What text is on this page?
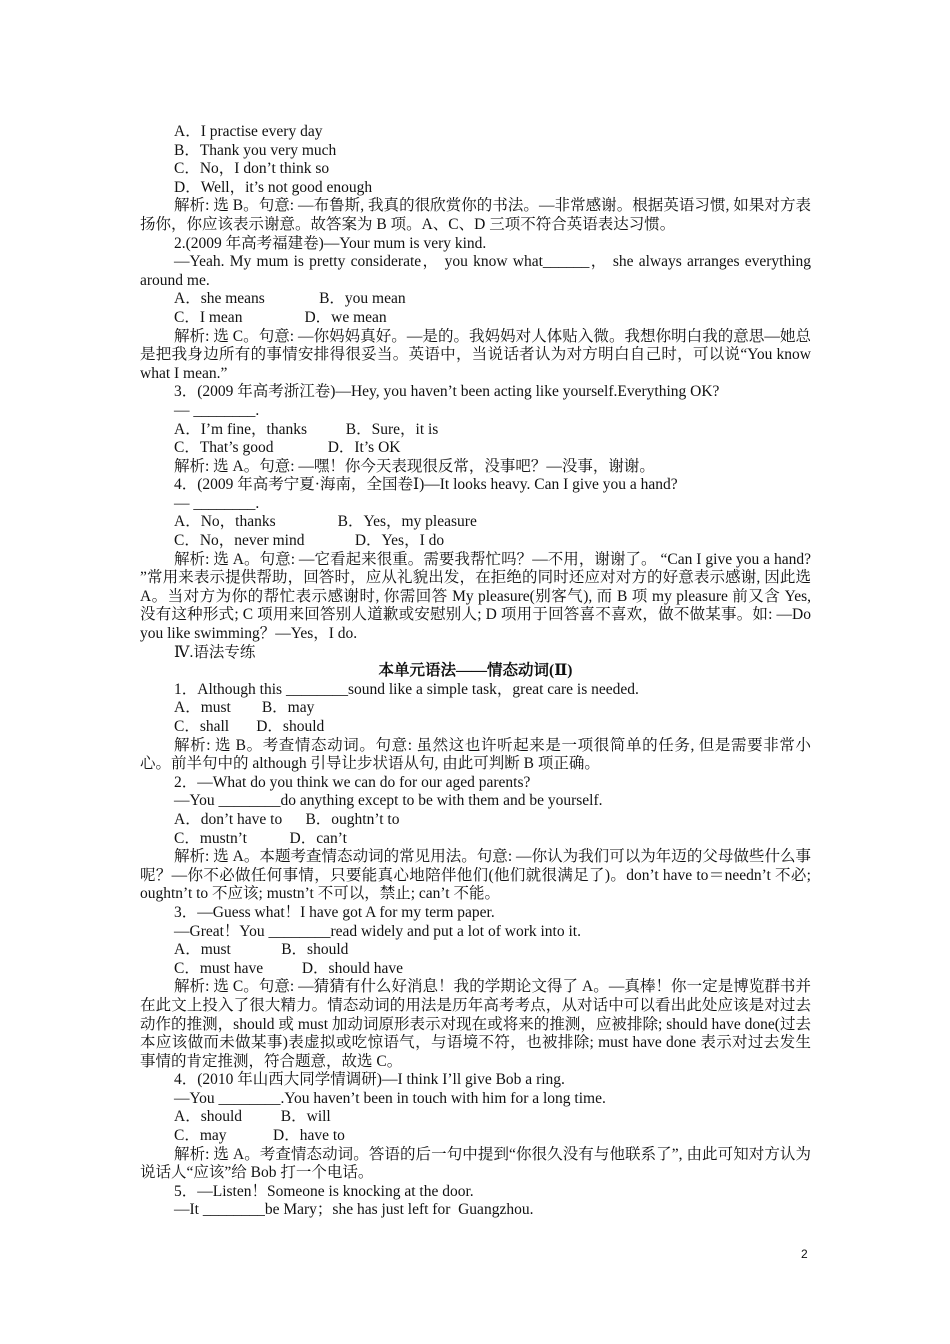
A．I practise every day
B．Thank you very much
C．No，I don’t think so
D．Well，it’s not good enough
解析: 选 B。句意: —布鲁斯, 我真的很欣赏你的书法。—非常感谢。根据英语习惯, 如果对方表扬你，你应该表示谢意。故答案为 B 项。A、C、D 三项不符合英语表达习惯。
2.(2009 年高考福建卷)—Your mum is very kind.
—Yeah. My mum is pretty considerate， you know what______， she always arranges everything around me.
A．she means              B．you mean
C．I mean                D．we mean
解析: 选 C。句意: —你妈妈真好。—是的。我妈妈对人体贴入微。我想你明白我的意思—她总是把我身边所有的事情安排得很妥当。英语中，当说话者认为对方明白自己时，可以说“You know what I mean.”
3．(2009 年高考浙江卷)—Hey, you haven’t been acting like yourself.Everything OK?
— ________.
A．I’m fine，thanks          B．Sure，it is
C．That’s good              D．It’s OK
解析: 选 A。句意: —嘿！你今天表现很反常，没事吧？—没事，谢谢。
4．(2009 年高考宁夏·海南，全国卷Ⅰ)—It looks heavy. Can I give you a hand?
— ________.
A．No，thanks                B．Yes，my pleasure
C．No，never mind             D．Yes，I do
解析: 选 A。句意: —它看起来很重。需要我帮忙吗？—不用，谢谢了。 “Can I give you a hand? ”常用来表示提供帮助，回答时，应从礼貌出发，在拒绝的同时还应对对方的好意表示感谢, 因此选 A。当对方为你的帮忙表示感谢时, 你需回答 My pleasure(别客气), 而 B 项 my pleasure 前又含 Yes, 没有这种形式; C 项用来回答别人道歉或安慰别人; D 项用于回答喜不喜欢，做不做某事。如: —Do you like swimming？—Yes，I do.
Ⅳ.语法专练
本单元语法——情态动词(Ⅱ)
1．Although this ________sound like a simple task，great care is needed.
A．must        B．may
C．shall       D．should
解析: 选 B。考查情态动词。句意: 虽然这也许听起来是一项很简单的任务, 但是需要非常小心。前半句中的 although 引导让步状语从句, 由此可判断 B 项正确。
2．—What do you think we can do for our aged parents?
—You ________do anything except to be with them and be yourself.
A．don’t have to      B．oughtn’t to
C．mustn’t           D．can’t
解析: 选 A。本题考查情态动词的常见用法。句意: —你认为我们可以为年迈的父母做些什么事呢？—你不必做任何事情，只要能真心地陪伴他们(他们就很满足了)。don’t have to＝needn’t 不必; oughtn’t to 不应该; mustn’t 不可以，禁止; can’t 不能。
3．—Guess what！I have got A for my term paper.
—Great！You ________read widely and put a lot of work into it.
A．must             B．should
C．must have          D．should have
解析: 选 C。句意: —猜猜有什么好消息！我的学期论文得了 A。—真棒！你一定是博览群书并在此文上投入了很大精力。情态动词的用法是历年高考考点，从对话中可以看出此处应该是对过去动作的推测，should 或 must 加动词原形表示对现在或将来的推测，应被排除; should have done(过去本应该做而未做某事)表虚拟或吃惊语气，与语境不符，也被排除; must have done 表示对过去发生事情的肯定推测，符合题意，故选 C。
4．(2010 年山西大同学情调研)—I think I’ll give Bob a ring.
—You ________.You haven’t been in touch with him for a long time.
A．should          B．will
C．may            D．have to
解析: 选 A。考查情态动词。答语的后一句中提到“你很久没有与他联系了”, 由此可知对方认为说话人“应该”给 Bob 打一个电话。
5．—Listen！Someone is knocking at the door.
—It ________be Mary；she has just left for  Guangzhou.
2
